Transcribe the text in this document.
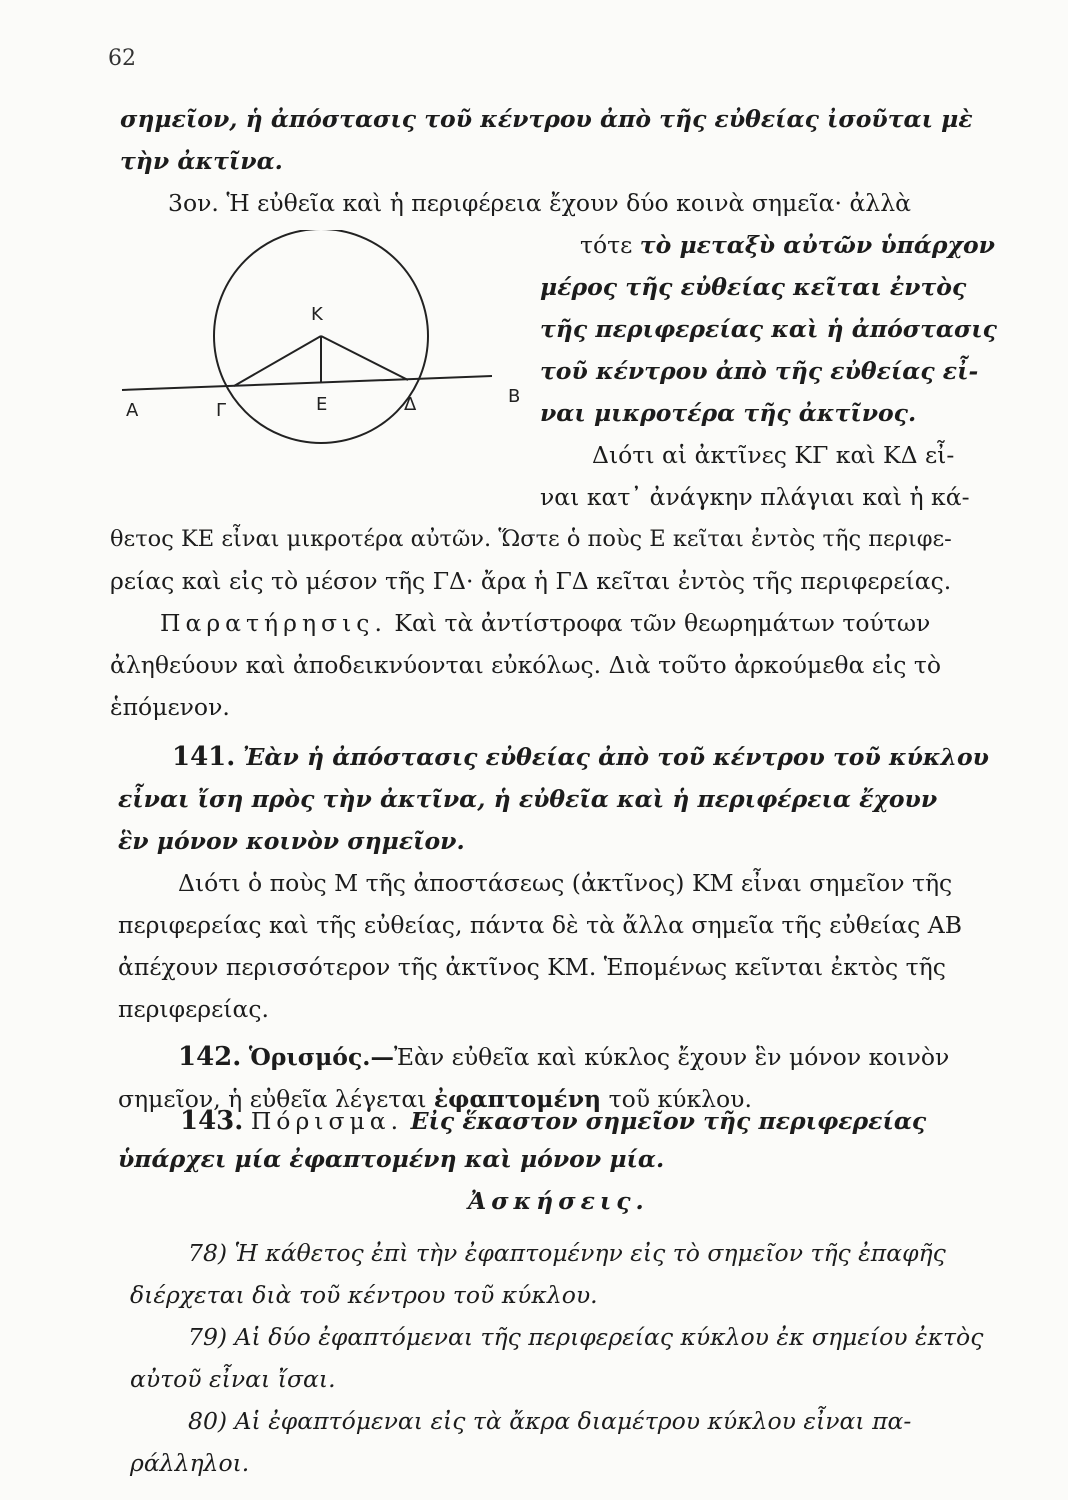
62
σημεῖον, ἡ ἀπόστασις τοῦ κέντρου ἀπὸ τῆς εὐθείας ἰσοῦται μὲ
τὴν ἀκτῖνα.
3ον. Ἡ εὐθεῖα καὶ ἡ περιφέρεια ἔχουν δύο κοινὰ σημεῖα· ἀλλὰ
Κ
Α	Γ	Ε	Δ	Β
τότε τὸ μεταξὺ αὐτῶν ὑπάρχον
μέρος τῆς εὐθείας κεῖται ἐντὸς
τῆς περιφερείας καὶ ἡ ἀπόστασις
τοῦ κέντρου ἀπὸ τῆς εὐθείας εἶ-
ναι μικροτέρα τῆς ἀκτῖνος.
Διότι αἱ ἀκτῖνες ΚΓ καὶ ΚΔ εἶ-
ναι κατ᾽ ἀνάγκην πλάγιαι καὶ ἡ κά-
θετος ΚΕ εἶναι μικροτέρα αὐτῶν. Ὥστε ὁ ποὺς Ε κεῖται ἐντὸς τῆς περιφε-
ρείας καὶ εἰς τὸ μέσον τῆς ΓΔ· ἄρα ἡ ΓΔ κεῖται ἐντὸς τῆς περιφερείας.
Παρατήρησις. Καὶ τὰ ἀντίστροφα τῶν θεωρημάτων τούτων
ἀληθεύουν καὶ ἀποδεικνύονται εὐκόλως. Διὰ τοῦτο ἀρκούμεθα εἰς τὸ
ἑπόμενον.
141. Ἐὰν ἡ ἀπόστασις εὐθείας ἀπὸ τοῦ κέντρου τοῦ κύκλου
εἶναι ἴση πρὸς τὴν ἀκτῖνα, ἡ εὐθεῖα καὶ ἡ περιφέρεια ἔχουν
ἓν μόνον κοινὸν σημεῖον.
Διότι ὁ ποὺς Μ τῆς ἀποστάσεως (ἀκτῖνος) ΚΜ εἶναι σημεῖον τῆς
περιφερείας καὶ τῆς εὐθείας, πάντα δὲ τὰ ἄλλα σημεῖα τῆς εὐθείας ΑΒ
ἀπέχουν περισσότερον τῆς ἀκτῖνος ΚΜ. Ἑπομένως κεῖνται ἐκτὸς τῆς
περιφερείας.
142. Ὁρισμός.—Ἐὰν εὐθεῖα καὶ κύκλος ἔχουν ἓν μόνον κοινὸν
σημεῖον, ἡ εὐθεῖα λέγεται ἐφαπτομένη τοῦ κύκλου.
143. Πόρισμα. Εἰς ἕκαστον σημεῖον τῆς περιφερείας
ὑπάρχει μία ἐφαπτομένη καὶ μόνον μία.
Ἀσκήσεις.
78) Ἡ κάθετος ἐπὶ τὴν ἐφαπτομένην εἰς τὸ σημεῖον τῆς ἐπαφῆς
διέρχεται διὰ τοῦ κέντρου τοῦ κύκλου.
79) Αἱ δύο ἐφαπτόμεναι τῆς περιφερείας κύκλου ἐκ σημείου ἐκτὸς
αὐτοῦ εἶναι ἴσαι.
80) Αἱ ἐφαπτόμεναι εἰς τὰ ἄκρα διαμέτρου κύκλου εἶναι πα-
ράλληλοι.
